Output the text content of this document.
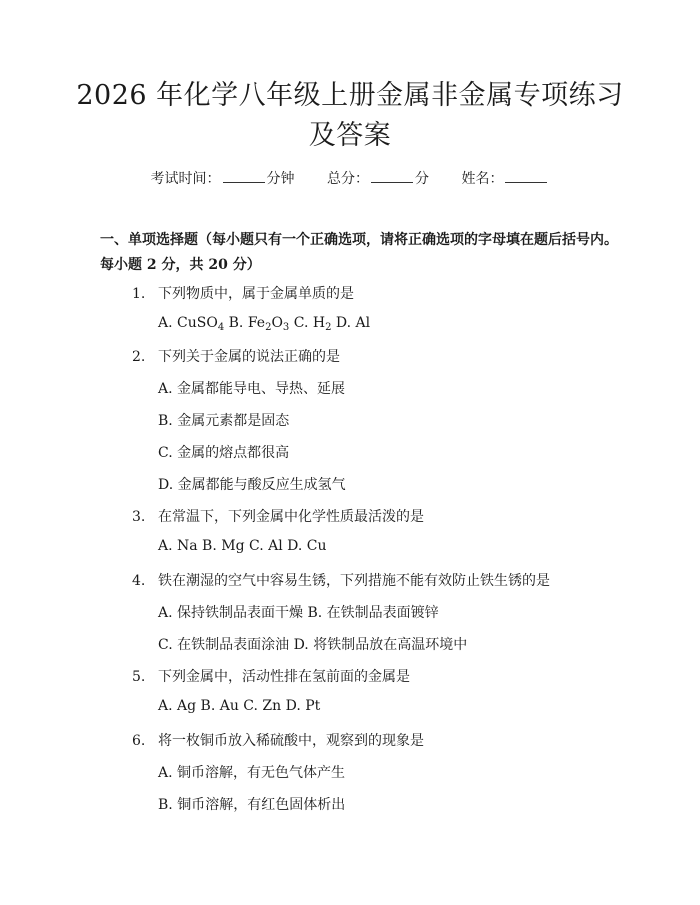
2026 年化学八年级上册金属非金属专项练习
及答案
考试时间：	分钟 总分：	分 姓名：
一、单项选择题（每小题只有一个正确选项，请将正确选项的字母填在题后括号内。每小题 2 分，共 20 分）
1. 下列物质中，属于金属单质的是
A. CuSO$_4$ B. $Fe_2O_3$ C. $H_2$ D. Al
2. 下列关于金属的说法正确的是
A. 金属都能导电、导热、延展
B. 金属元素都是固态
C. 金属的熔点都很高
D. 金属都能与酸反应生成氢气
3. 在常温下，下列金属中化学性质最活泼的是
A. Na B. Mg C. Al D. Cu
4. 铁在潮湿的空气中容易生锈，下列措施不能有效防止铁生锈的是
A. 保持铁制品表面干燥 B. 在铁制品表面镀锌
C. 在铁制品表面涂油 D. 将铁制品放在高温环境中
5. 下列金属中，活动性排在氢前面的金属是
A. Ag B. Au C. Zn D. Pt
6. 将一枚铜币放入稀硫酸中，观察到的现象是
A. 铜币溶解，有无色气体产生
B. 铜币溶解，有红色固体析出
